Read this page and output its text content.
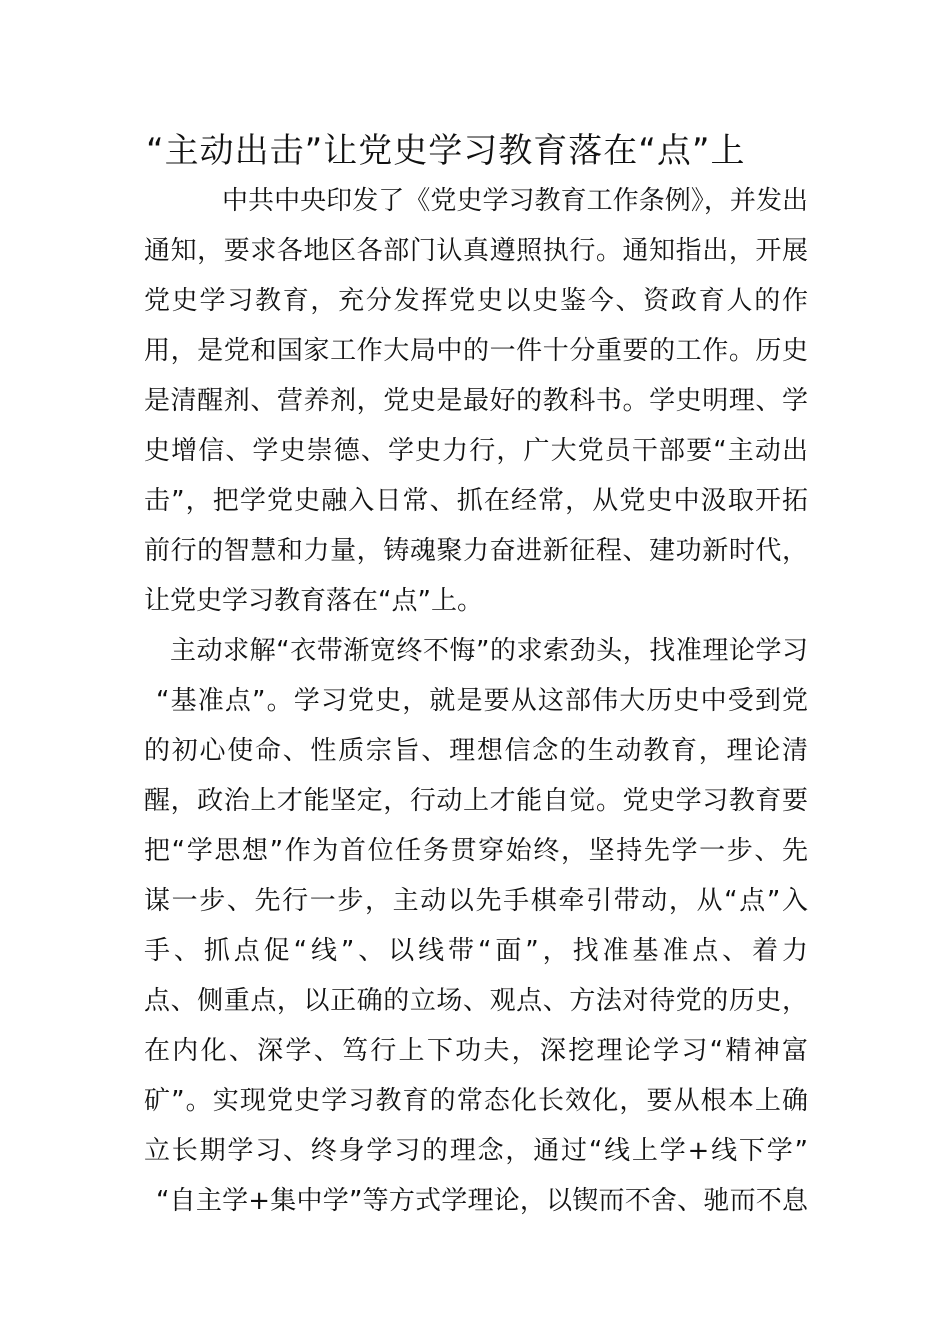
“主动出击”让党史学习教育落在“点”上
中共中央印发了《党史学习教育工作条例》，并发出
通知，要求各地区各部门认真遵照执行。通知指出，开展
党史学习教育，充分发挥党史以史鉴今、资政育人的作
用，是党和国家工作大局中的一件十分重要的工作。历史
是清醒剂、营养剂，党史是最好的教科书。学史明理、学
史增信、学史崇德、学史力行，广大党员干部要“主动出
击”，把学党史融入日常、抓在经常，从党史中汲取开拓
前行的智慧和力量，铸魂聚力奋进新征程、建功新时代，
让党史学习教育落在“点”上。
主动求解“衣带渐宽终不悔”的求索劲头，找准理论学习
“基准点”。学习党史，就是要从这部伟大历史中受到党
的初心使命、性质宗旨、理想信念的生动教育，理论清
醒，政治上才能坚定，行动上才能自觉。党史学习教育要
把“学思想”作为首位任务贯穿始终，坚持先学一步、先
谋一步、先行一步，主动以先手棋牵引带动，从“点”入
手、抓点促“线”、以线带“面”，找准基准点、着力
点、侧重点，以正确的立场、观点、方法对待党的历史，
在内化、深学、笃行上下功夫，深挖理论学习“精神富
矿”。实现党史学习教育的常态化长效化，要从根本上确
立长期学习、终身学习的理念，通过“线上学+线下学”
“自主学+集中学”等方式学理论，以锲而不舍、驰而不息
